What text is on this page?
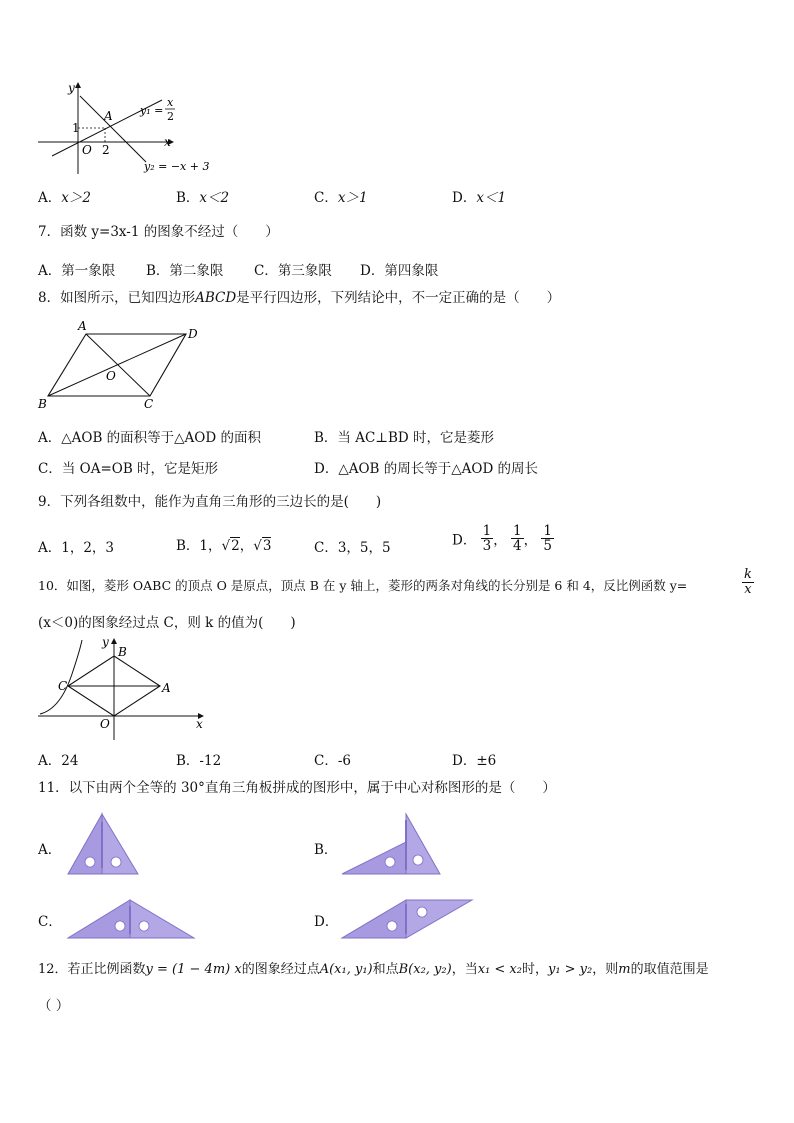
y
x
O
A
1
2
y₁ =
x
2
y₂ = −x + 3
A．x＞2	B．x＜2	C．x＞1	D．x＜1
7．函数 y=3x-1 的图象不经过（　　）
A．第一象限 B．第二象限 C．第三象限 D．第四象限
8．如图所示，已知四边形ABCD是平行四边形，下列结论中，不一定正确的是（　　）
A
D
B	C
O
A．△AOB 的面积等于△AOD 的面积	B．当 AC⊥BD 时，它是菱形
C．当 OA=OB 时，它是矩形	D．△AOB 的周长等于△AOD 的周长
9．下列各组数中，能作为直角三角形的三边长的是(　　)
A．1，2，3	B．1，√2，√3	C．3，5，5	D． $\frac{1}{3}$ ， $\frac{1}{4}$ ， $\frac{1}{5}$
10．如图，菱形 OABC 的顶点 O 是原点，顶点 B 在 y 轴上，菱形的两条对角线的长分别是 6 和 4，反比例函数 y=	$\frac{k}{x}$
(x＜0)的图象经过点 C，则 k 的值为(　　)
y
x
O
B
A
C
A．24	B．-12	C．-6	D．±6
11．以下由两个全等的 30°直角三角板拼成的图形中，属于中心对称图形的是（　　）
A．	B．
C．	D．
12．若正比例函数y = (1 − 4m) x的图象经过点A(x₁, y₁)和点B(x₂, y₂)，当x₁ < x₂时，y₁ > y₂，则m的取值范围是
（ ）
